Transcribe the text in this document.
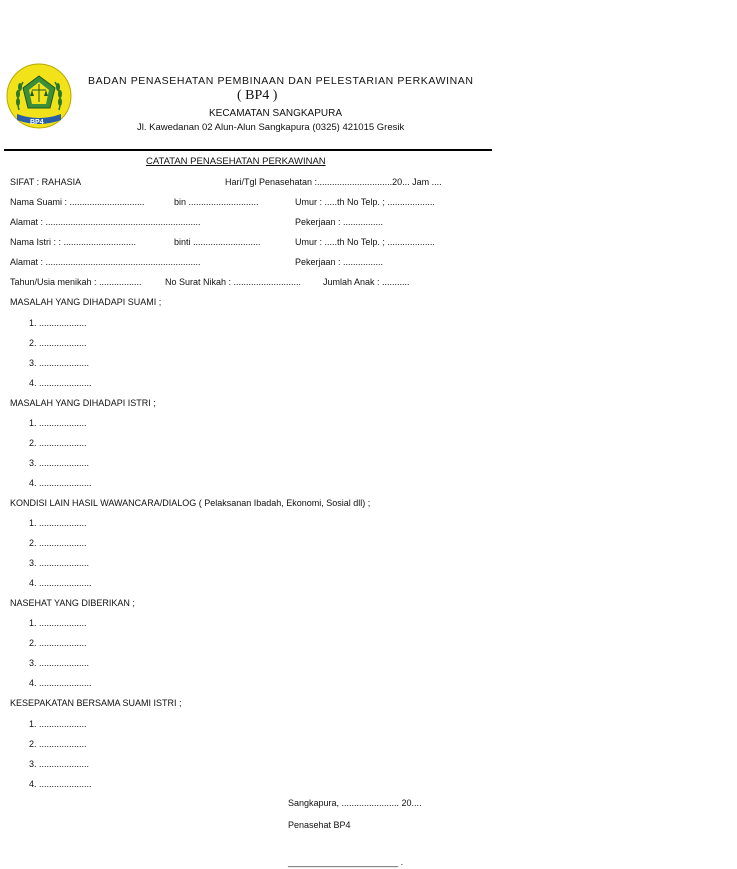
BP4
BADAN PENASEHATAN PEMBINAAN DAN PELESTARIAN PERKAWINAN
( BP4 )
KECAMATAN SANGKAPURA
Jl. Kawedanan 02 Alun-Alun Sangkapura (0325) 421015 Gresik
CATATAN PENASEHATAN PERKAWINAN
SIFAT : RAHASIA	Hari/Tgl Penasehatan :..............................20... Jam ....
Nama Suami : ..............................	bin ............................	Umur : .....th No Telp. ; ...................
Alamat : ..............................................................	Pekerjaan : ................
Nama Istri : : .............................	binti ...........................	Umur : .....th No Telp. ; ...................
Alamat : ..............................................................	Pekerjaan : ................
Tahun/Usia menikah : .................	No Surat Nikah : ........................... Jumlah Anak : ...........
MASALAH YANG DIHADAPI SUAMI ;
1. ...................
2. ...................
3. ....................
4. .....................
MASALAH YANG DIHADAPI ISTRI ;
1. ...................
2. ...................
3. ....................
4. .....................
KONDISI LAIN HASIL WAWANCARA/DIALOG ( Pelaksanan Ibadah, Ekonomi, Sosial dll) ;
1. ...................
2. ...................
3. ....................
4. .....................
NASEHAT YANG DIBERIKAN ;
1. ...................
2. ...................
3. ....................
4. .....................
KESEPAKATAN BERSAMA SUAMI ISTRI ;
1. ...................
2. ...................
3. ....................
4. .....................
Sangkapura, ....................... 20....
Penasehat BP4
______________________ .
